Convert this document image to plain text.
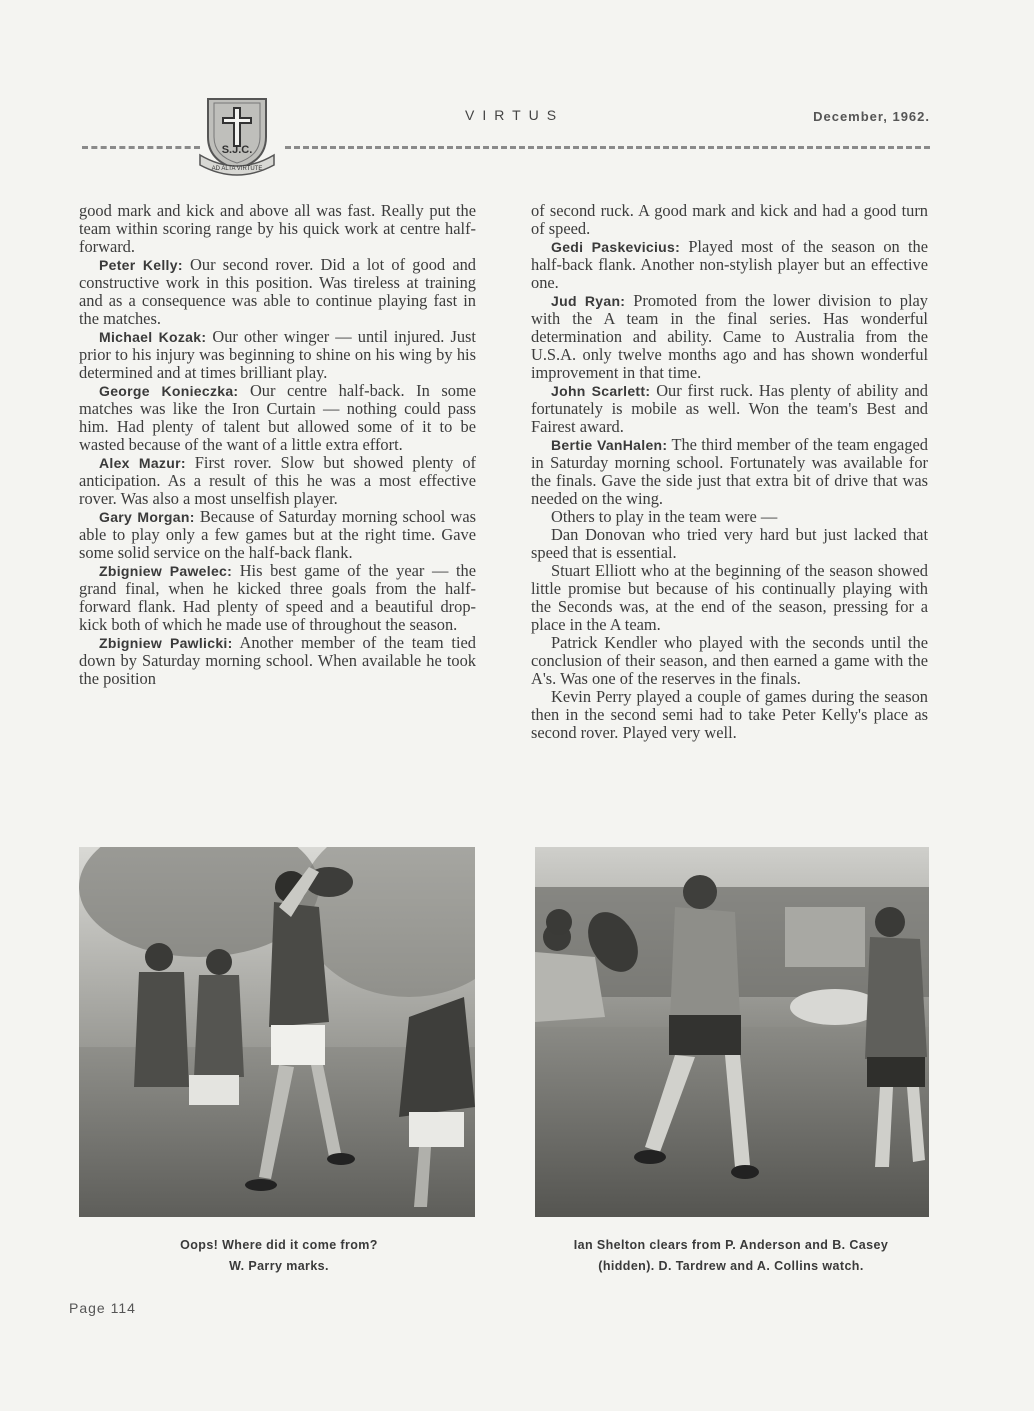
S.J.C.
AD ALTA VIRTUTE
VIRTUS	December, 1962.

good mark and kick and above all was fast. Really put the team within scoring range by his quick work at centre half-forward.

Peter Kelly: Our second rover. Did a lot of good and constructive work in this position. Was tireless at training and as a consequence was able to continue playing fast in the matches.

Michael Kozak: Our other winger — until injured. Just prior to his injury was beginning to shine on his wing by his determined and at times brilliant play.

George Konieczka: Our centre half-back. In some matches was like the Iron Curtain — nothing could pass him. Had plenty of talent but allowed some of it to be wasted because of the want of a little extra effort.

Alex Mazur: First rover. Slow but showed plenty of anticipation. As a result of this he was a most effective rover. Was also a most unselfish player.

Gary Morgan: Because of Saturday morning school was able to play only a few games but at the right time. Gave some solid service on the half-back flank.

Zbigniew Pawelec: His best game of the year — the grand final, when he kicked three goals from the half-forward flank. Had plenty of speed and a beautiful drop-kick both of which he made use of throughout the season.

Zbigniew Pawlicki: Another member of the team tied down by Saturday morning school. When available he took the position

of second ruck. A good mark and kick and had a good turn of speed.

Gedi Paskevicius: Played most of the season on the half-back flank. Another non-stylish player but an effective one.

Jud Ryan: Promoted from the lower division to play with the A team in the final series. Has wonderful determination and ability. Came to Australia from the U.S.A. only twelve months ago and has shown wonderful improvement in that time.

John Scarlett: Our first ruck. Has plenty of ability and fortunately is mobile as well. Won the team's Best and Fairest award.

Bertie VanHalen: The third member of the team engaged in Saturday morning school. Fortunately was available for the finals. Gave the side just that extra bit of drive that was needed on the wing.

Others to play in the team were —

Dan Donovan who tried very hard but just lacked that speed that is essential.

Stuart Elliott who at the beginning of the season showed little promise but because of his continually playing with the Seconds was, at the end of the season, pressing for a place in the A team.

Patrick Kendler who played with the seconds until the conclusion of their season, and then earned a game with the A's. Was one of the reserves in the finals.

Kevin Perry played a couple of games during the season then in the second semi had to take Peter Kelly's place as second rover. Played very well.

Oops! Where did it come from?
W. Parry marks.
Ian Shelton clears from P. Anderson and B. Casey
(hidden). D. Tardrew and A. Collins watch.
Page 114
